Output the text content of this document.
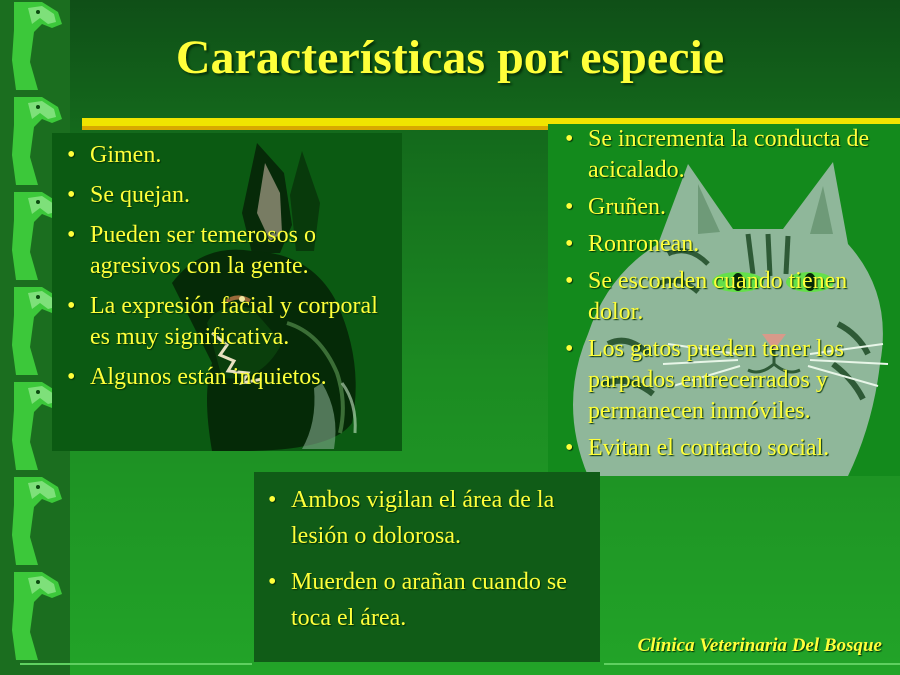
Características por especie
• Gimen.
• Se quejan.
• Pueden ser temerosos o agresivos con la gente.
• La expresión facial y corporal es muy significativa.
• Algunos están inquietos.
• Se incrementa la conducta de acicalado.
• Gruñen.
• Ronronean.
• Se esconden cuando tienen dolor.
• Los gatos pueden tener los parpados entrecerrados y permanecen inmóviles.
• Evitan el contacto social.
• Ambos vigilan el área de la lesión o dolorosa.
• Muerden o arañan cuando se toca el área.
Clínica Veterinaria Del Bosque
